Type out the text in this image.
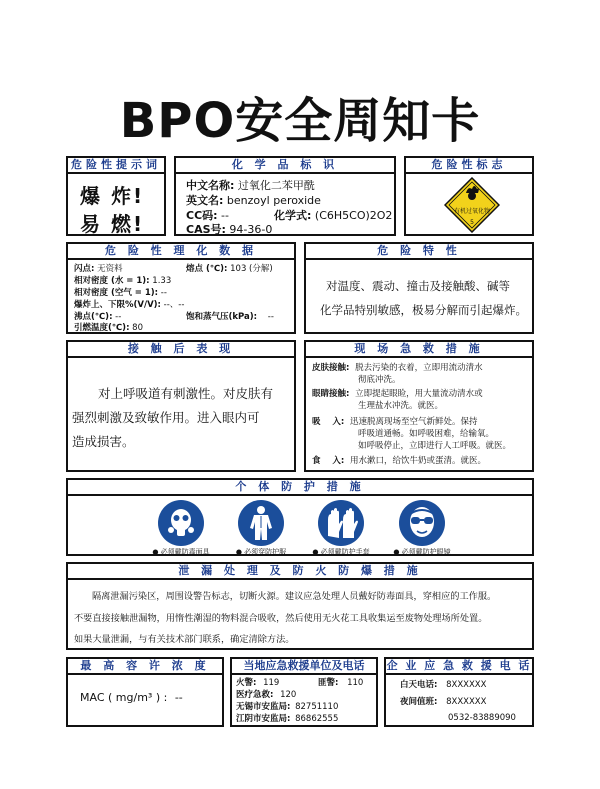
BPO安全周知卡
危险性提示词
爆 炸!
易 燃!
化 学 品 标 识
中文名称: 过氧化二苯甲酰
英文名: benzoyl peroxide
CC码: --	化学式: (C6H5CO)2O2
CAS号: 94-36-0
危险性标志
有机过氧化物
5
危 险 性 理 化 数 据
闪点: 无资料	熔点 (℃): 103 (分解)
相对密度 (水 = 1): 1.33
相对密度 (空气 = 1): --
爆炸上、下限%(V/V): --、--
沸点(℃): --	饱和蒸气压(kPa): --
引燃温度(℃): 80
危 险 特 性
对温度、震动、撞击及接触酸、碱等
化学品特别敏感，极易分解而引起爆炸。
接 触 后 表 现
对上呼吸道有刺激性。对皮肤有
强烈刺激及致敏作用。进入眼内可
造成损害。
现 场 急 救 措 施
皮肤接触: 脱去污染的衣着，立即用流动清水
彻底冲洗。
眼睛接触: 立即提起眼睑，用大量流动清水或
生理盐水冲洗。就医。
吸    入: 迅速脱离现场至空气新鲜处。保持
呼吸道通畅。如呼吸困难，给输氧。
如呼吸停止，立即进行人工呼吸。就医。
食    入: 用水漱口，给饮牛奶或蛋清。就医。
个 体 防 护 措 施
● 必须戴防毒面具	● 必须穿防护服	● 必须戴防护手套	● 必须戴防护眼镜
泄 漏 处 理 及 防 火 防 爆 措 施
隔离泄漏污染区，周围设警告标志，切断火源。建议应急处理人员戴好防毒面具，穿相应的工作服。
不要直接接触泄漏物，用惰性潮湿的物料混合吸收，然后使用无火花工具收集运至废物处理场所处置。
如果大量泄漏，与有关技术部门联系，确定清除方法。
最 高 容 许 浓 度
MAC ( mg/m³ ) : --
当地应急救援单位及电话
火警: 119	匪警: 110
医疗急救: 120
无锡市安监局: 82751110
江阴市安监局: 86862555
企 业 应 急 救 援 电 话
白天电话: 8XXXXXX
夜间值班: 8XXXXXX
0532-83889090
